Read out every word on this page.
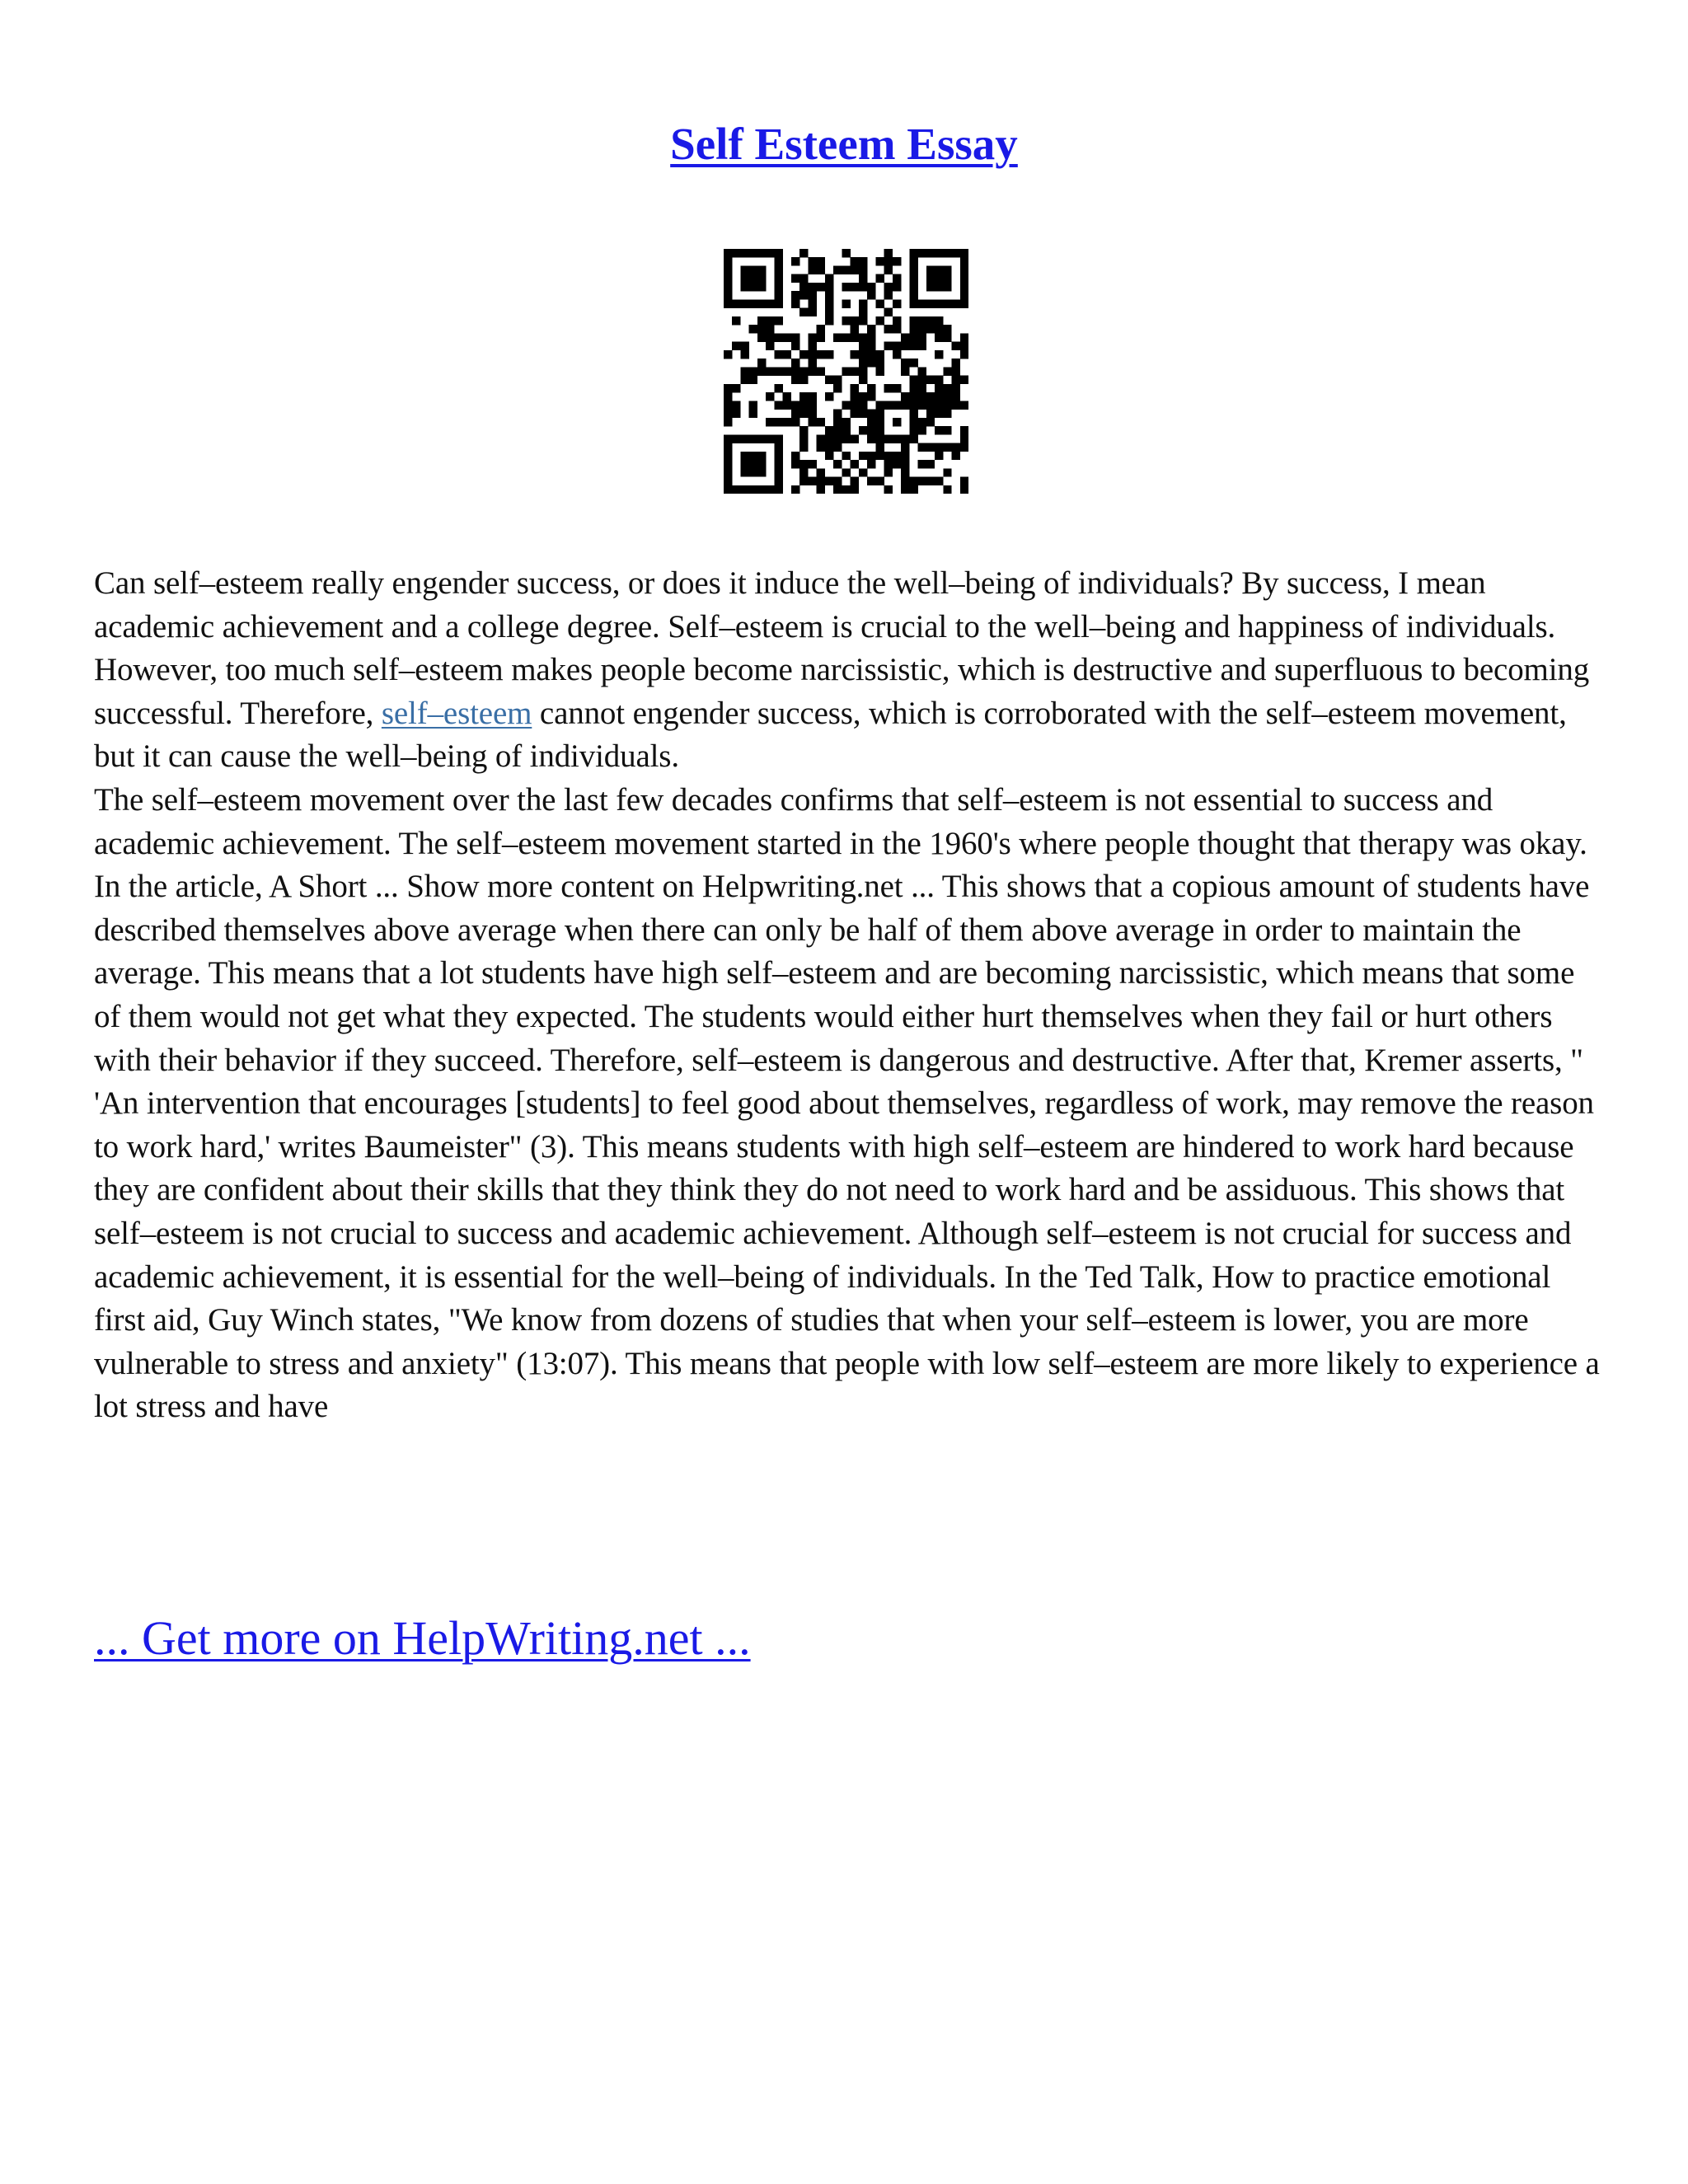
Self Esteem Essay

Can self–esteem really engender success, or does it induce the well–being of individuals? By success, I mean academic achievement and a college degree. Self–esteem is crucial to the well–being and happiness of individuals. However, too much self–esteem makes people become narcissistic, which is destructive and superfluous to becoming successful. Therefore, self–esteem cannot engender success, which is corroborated with the self–esteem movement, but it can cause the well–being of individuals.

The self–esteem movement over the last few decades confirms that self–esteem is not essential to success and academic achievement. The self–esteem movement started in the 1960's where people thought that therapy was okay. In the article, A Short ... Show more content on Helpwriting.net ... This shows that a copious amount of students have described themselves above average when there can only be half of them above average in order to maintain the average. This means that a lot students have high self–esteem and are becoming narcissistic, which means that some of them would not get what they expected. The students would either hurt themselves when they fail or hurt others with their behavior if they succeed. Therefore, self–esteem is dangerous and destructive. After that, Kremer asserts, " 'An intervention that encourages [students] to feel good about themselves, regardless of work, may remove the reason to work hard,' writes Baumeister" (3). This means students with high self–esteem are hindered to work hard because they are confident about their skills that they think they do not need to work hard and be assiduous. This shows that self–esteem is not crucial to success and academic achievement. Although self–esteem is not crucial for success and academic achievement, it is essential for the well–being of individuals. In the Ted Talk, How to practice emotional first aid, Guy Winch states, "We know from dozens of studies that when your self–esteem is lower, you are more vulnerable to stress and anxiety" (13:07). This means that people with low self–esteem are more likely to experience a lot stress and have

... Get more on HelpWriting.net ...
